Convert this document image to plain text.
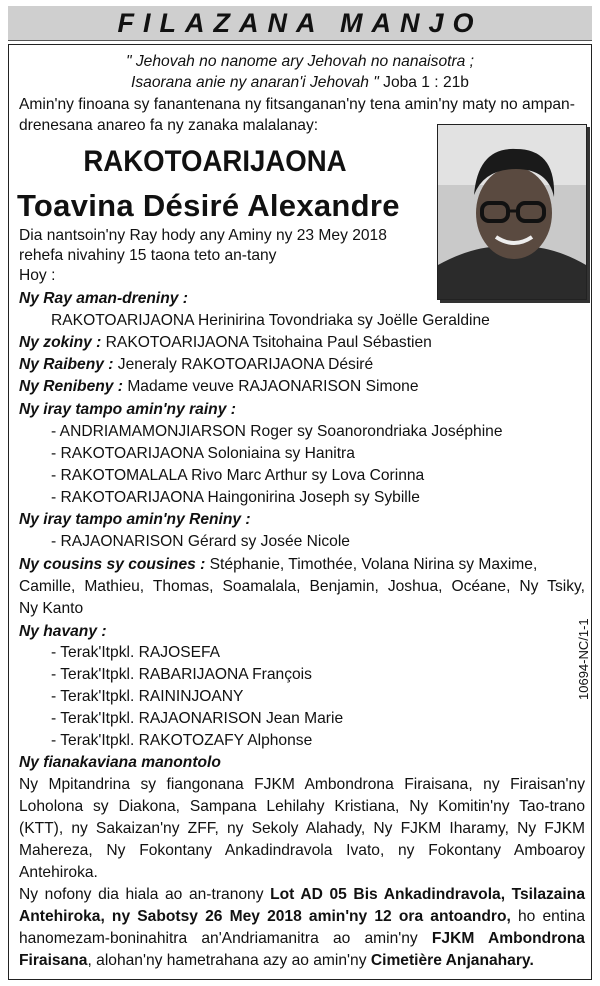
FILAZANA MANJO
" Jehovah no nanome ary Jehovah no nanaisotra ;
Isaorana anie ny anaran'i Jehovah " Joba 1 : 21b
Amin'ny finoana sy fanantenana ny fitsanganan'ny tena amin'ny maty no ampan-
drenesana anareo fa ny zanaka malalanay:
RAKOTOARIJAONA
Toavina Désiré Alexandre
Dia nantsoin'ny Ray hody any Aminy ny 23 Mey 2018
rehefa nivahiny 15 taona teto an-tany
Hoy :
Ny Ray aman-dreniny :
RAKOTOARIJAONA Herinirina Tovondriaka sy Joëlle Geraldine
Ny zokiny : RAKOTOARIJAONA Tsitohaina Paul Sébastien
Ny Raibeny : Jeneraly RAKOTOARIJAONA Désiré
Ny Renibeny : Madame veuve RAJAONARISON Simone
Ny iray tampo amin'ny rainy :
- ANDRIAMAMONJIARSON Roger sy Soanorondriaka Joséphine
- RAKOTOARIJAONA Soloniaina sy Hanitra
- RAKOTOMALALA Rivo Marc Arthur sy Lova Corinna
- RAKOTOARIJAONA Haingonirina Joseph sy Sybille
Ny iray tampo amin'ny Reniny :
- RAJAONARISON Gérard sy Josée Nicole
Ny cousins sy cousines : Stéphanie, Timothée, Volana Nirina sy Maxime,
Camille, Mathieu, Thomas, Soamalala, Benjamin, Joshua, Océane, Ny Tsiky,
Ny Kanto
Ny havany :
- Terak'Itpkl. RAJOSEFA
- Terak'Itpkl. RABARIJAONA François
- Terak'Itpkl. RAININJOANY
- Terak'Itpkl. RAJAONARISON Jean Marie
- Terak'Itpkl. RAKOTOZAFY Alphonse
Ny fianakaviana manontolo
Ny Mpitandrina sy fiangonana FJKM Ambondrona Firaisana, ny Firaisan'ny
Loholona sy Diakona, Sampana Lehilahy Kristiana, Ny Komitin'ny Tao-trano
(KTT), ny Sakaizan'ny ZFF, ny Sekoly Alahady, Ny FJKM Iharamy, Ny FJKM
Mahereza, Ny Fokontany Ankadindravola Ivato, ny Fokontany Amboaroy
Antehiroka.
Ny nofony dia hiala ao an-tranony Lot AD 05 Bis Ankadindravola, Tsilazaina
Antehiroka, ny Sabotsy 26 Mey 2018 amin'ny 12 ora antoandro, ho entina
hanomezam-boninahitra an'Andriamanitra ao amin'ny FJKM Ambondrona
Firaisana, alohan'ny hametrahana azy ao amin'ny Cimetière Anjanahary.
10694-NC/1-1
